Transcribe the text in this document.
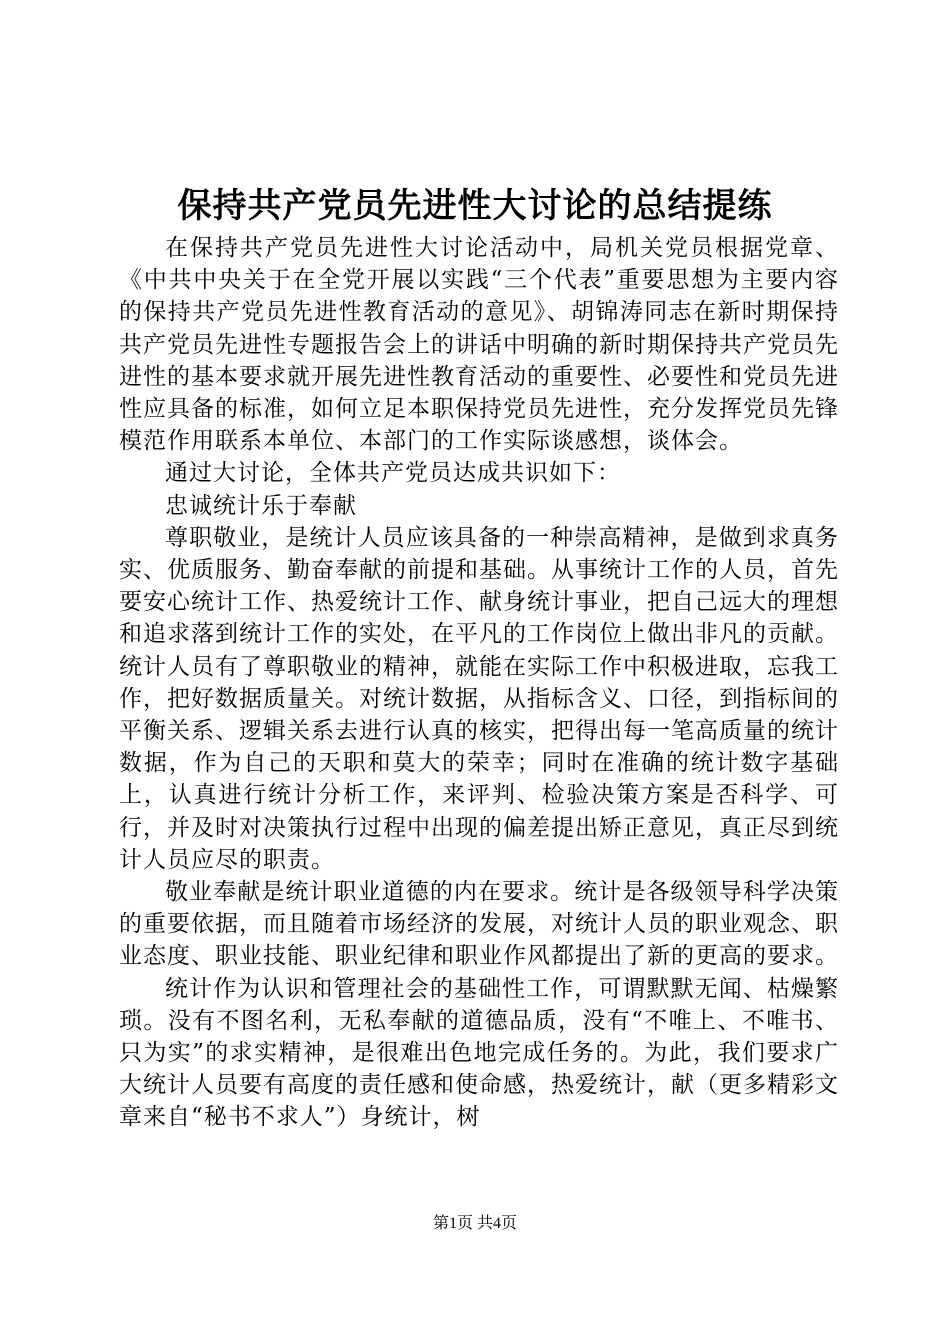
保持共产党员先进性大讨论的总结提练

在保持共产党员先进性大讨论活动中，局机关党员根据党章、《中共中央关于在全党开展以实践“三个代表”重要思想为主要内容的保持共产党员先进性教育活动的意见》、胡锦涛同志在新时期保持共产党员先进性专题报告会上的讲话中明确的新时期保持共产党员先进性的基本要求就开展先进性教育活动的重要性、必要性和党员先进性应具备的标准，如何立足本职保持党员先进性，充分发挥党员先锋模范作用联系本单位、本部门的工作实际谈感想，谈体会。

通过大讨论，全体共产党员达成共识如下：

忠诚统计乐于奉献

尊职敬业，是统计人员应该具备的一种崇高精神，是做到求真务实、优质服务、勤奋奉献的前提和基础。从事统计工作的人员，首先要安心统计工作、热爱统计工作、献身统计事业，把自己远大的理想和追求落到统计工作的实处，在平凡的工作岗位上做出非凡的贡献。统计人员有了尊职敬业的精神，就能在实际工作中积极进取，忘我工作，把好数据质量关。对统计数据，从指标含义、口径，到指标间的平衡关系、逻辑关系去进行认真的核实，把得出每一笔高质量的统计数据，作为自己的天职和莫大的荣幸；同时在准确的统计数字基础上，认真进行统计分析工作，来评判、检验决策方案是否科学、可行，并及时对决策执行过程中出现的偏差提出矫正意见，真正尽到统计人员应尽的职责。

敬业奉献是统计职业道德的内在要求。统计是各级领导科学决策的重要依据，而且随着市场经济的发展，对统计人员的职业观念、职业态度、职业技能、职业纪律和职业作风都提出了新的更高的要求。

统计作为认识和管理社会的基础性工作，可谓默默无闻、枯燥繁琐。没有不图名利，无私奉献的道德品质，没有“不唯上、不唯书、只为实”的求实精神，是很难出色地完成任务的。为此，我们要求广大统计人员要有高度的责任感和使命感，热爱统计，献（更多精彩文章来自“秘书不求人”）身统计，树

第1页 共4页
